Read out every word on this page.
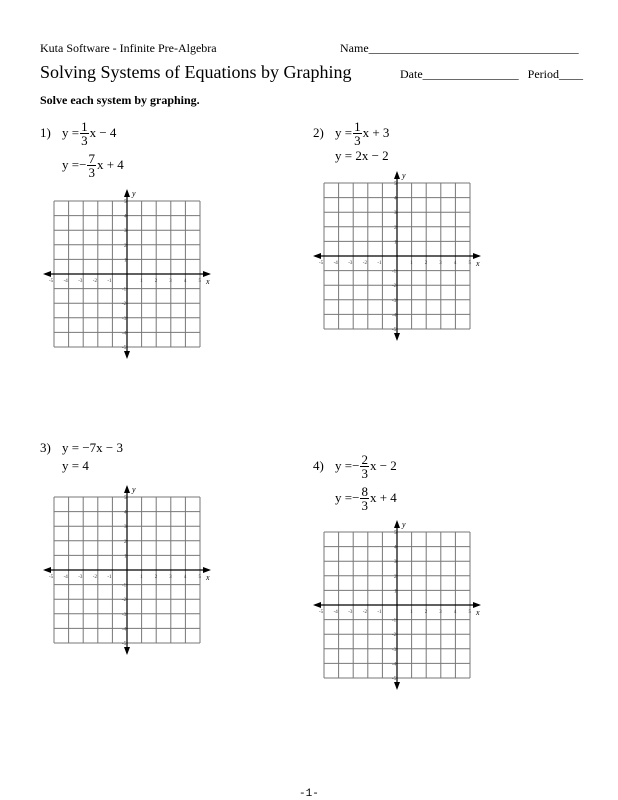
Kuta Software - Infinite Pre-Algebra	Name___________________________________
Solving Systems of Equations by Graphing	Date________________ Period____
Solve each system by graphing.
1) $y = \frac{1}{3}$ x − 4
y = − $\frac{7}{3}$ x + 4
x
y
-5
-5
-4
-4
-3
-3
-2
-2
-1
-1
1
1
2
2
3
3
4
4
5
5
2) $y = \frac{1}{3}$ x + 3
y = 2x − 2
x
y
-5
-5
-4
-4
-3
-3
-2
-2
-1
-1
1
1
2
2
3
3
4
4
5
5
3) y = −7x − 3
y = 4
x
y
-5
-5
-4
-4
-3
-3
-2
-2
-1
-1
1
1
2
2
3
3
4
4
5
5
4) y = − $\frac{2}{3}$ x − 2
y = − $\frac{8}{3}$ x + 4
x
y
-5
-5
-4
-4
-3
-3
-2
-2
-1
-1
1
1
2
2
3
3
4
4
5
5
-1-
